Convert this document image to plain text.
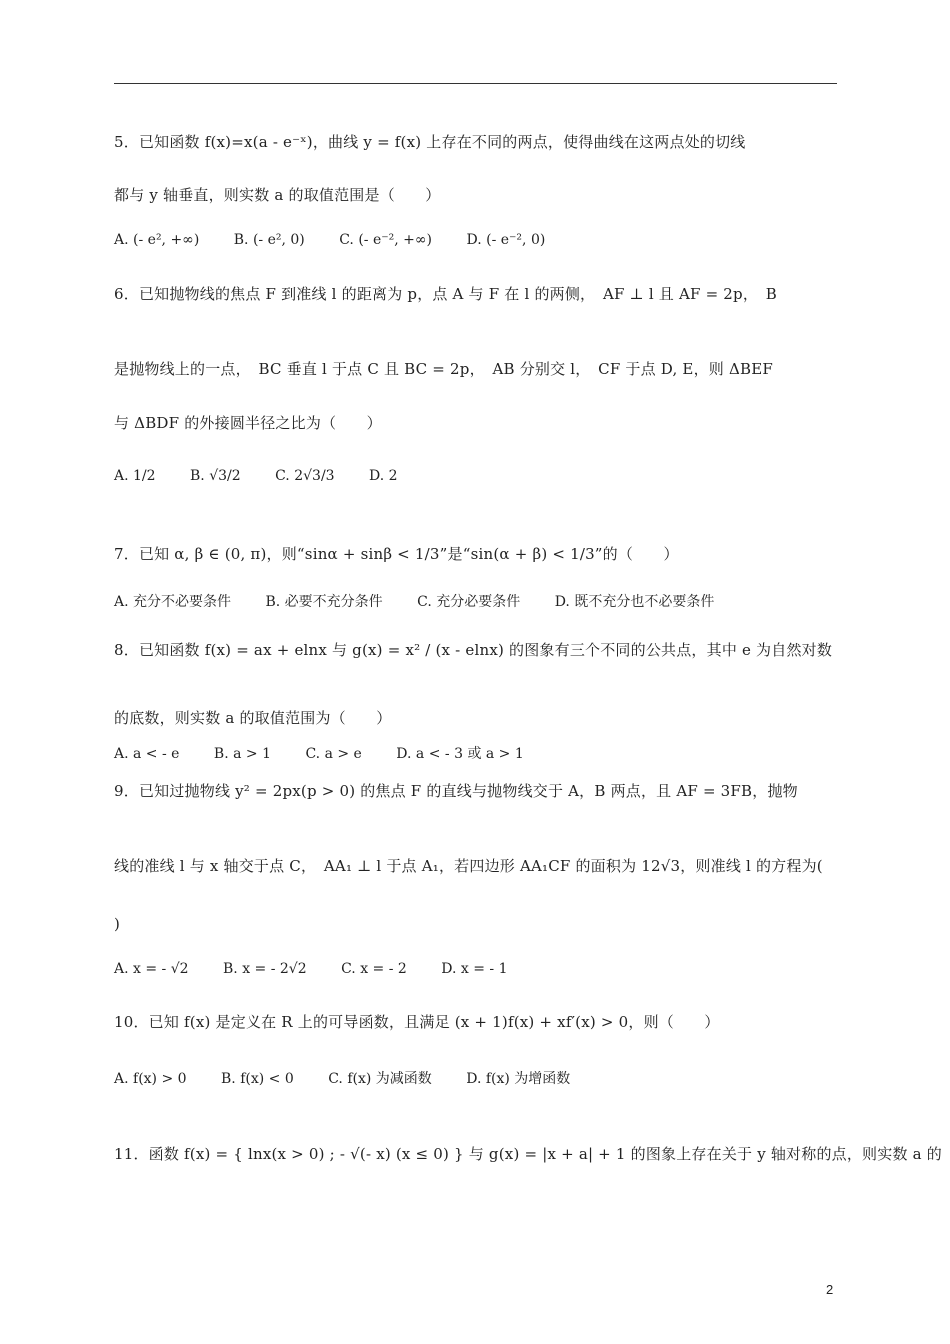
5．已知函数 f(x)=x(a - e⁻ˣ)，曲线 y = f(x) 上存在不同的两点，使得曲线在这两点处的切线
都与 y 轴垂直，则实数 a 的取值范围是（　　）
A. (- e², +∞) B. (- e², 0) C. (- e⁻², +∞) D. (- e⁻², 0)
6．已知抛物线的焦点 F 到准线 l 的距离为 p，点 A 与 F 在 l 的两侧，　AF ⊥ l 且 AF = 2p，　B
是抛物线上的一点，　BC 垂直 l 于点 C 且 BC = 2p，　AB 分别交 l，　CF 于点 D, E，则 ΔBEF
与 ΔBDF 的外接圆半径之比为（　　）
A. 1/2 B. √3/2 C. 2√3/3 D. 2
7．已知 α, β ∈ (0, π)，则“sinα + sinβ < 1/3”是“sin(α + β) < 1/3”的（　　）
A. 充分不必要条件 B. 必要不充分条件 C. 充分必要条件 D. 既不充分也不必要条件
8．已知函数 f(x) = ax + elnx 与 g(x) = x² / (x - elnx) 的图象有三个不同的公共点，其中 e 为自然对数
的底数，则实数 a 的取值范围为（　　）
A. a < - e B. a > 1 C. a > e D. a < - 3 或 a > 1
9．已知过抛物线 y² = 2px(p > 0) 的焦点 F 的直线与抛物线交于 A，B 两点，且 AF = 3FB，抛物
线的准线 l 与 x 轴交于点 C，　AA₁ ⊥ l 于点 A₁，若四边形 AA₁CF 的面积为 12√3，则准线 l 的方程为(
)
A. x = - √2 B. x = - 2√2 C. x = - 2 D. x = - 1
10．已知 f(x) 是定义在 R 上的可导函数，且满足 (x + 1)f(x) + xf′(x) > 0，则（　　）
A. f(x) > 0 B. f(x) < 0 C. f(x) 为减函数 D. f(x) 为增函数
11．函数 f(x) = { lnx(x > 0) ; - √(- x) (x ≤ 0) } 与 g(x) = |x + a| + 1 的图象上存在关于 y 轴对称的点，则实数 a 的
2
